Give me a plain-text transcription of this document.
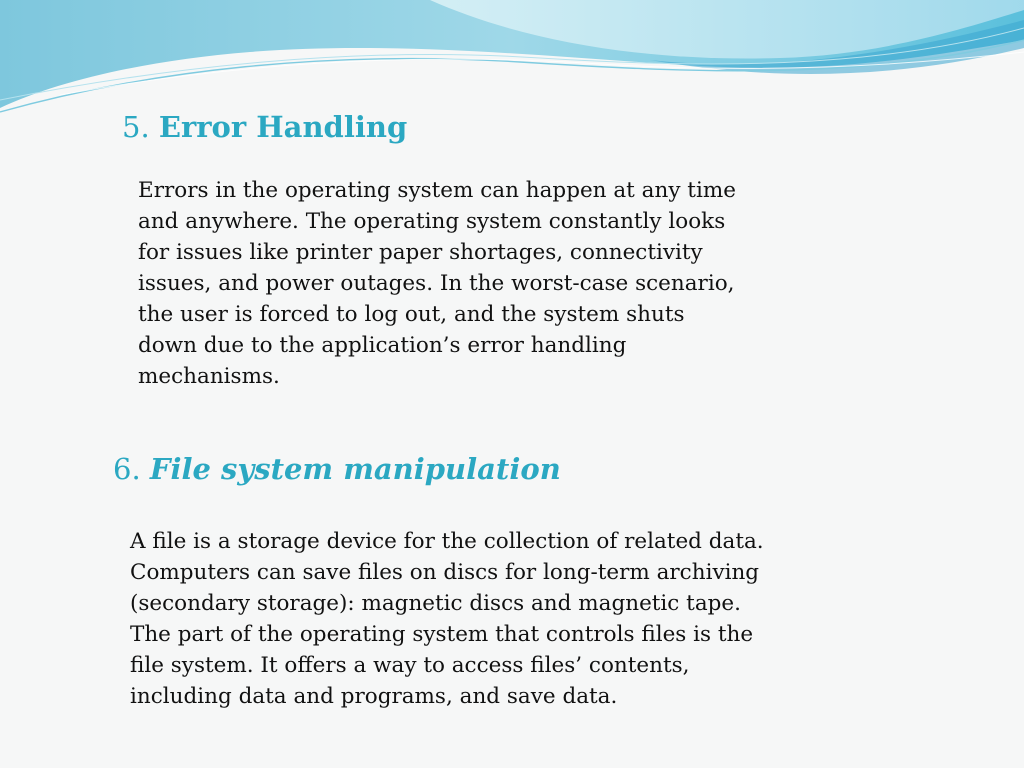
5. Error Handling

Errors in the operating system can happen at any time
and anywhere. The operating system constantly looks
for issues like printer paper shortages, connectivity
issues, and power outages. In the worst-case scenario,
the user is forced to log out, and the system shuts
down due to the application’s error handling
mechanisms.

6. File system manipulation

A file is a storage device for the collection of related data.
Computers can save files on discs for long-term archiving
(secondary storage): magnetic discs and magnetic tape.
The part of the operating system that controls files is the
file system. It offers a way to access files’ contents,
including data and programs, and save data.
